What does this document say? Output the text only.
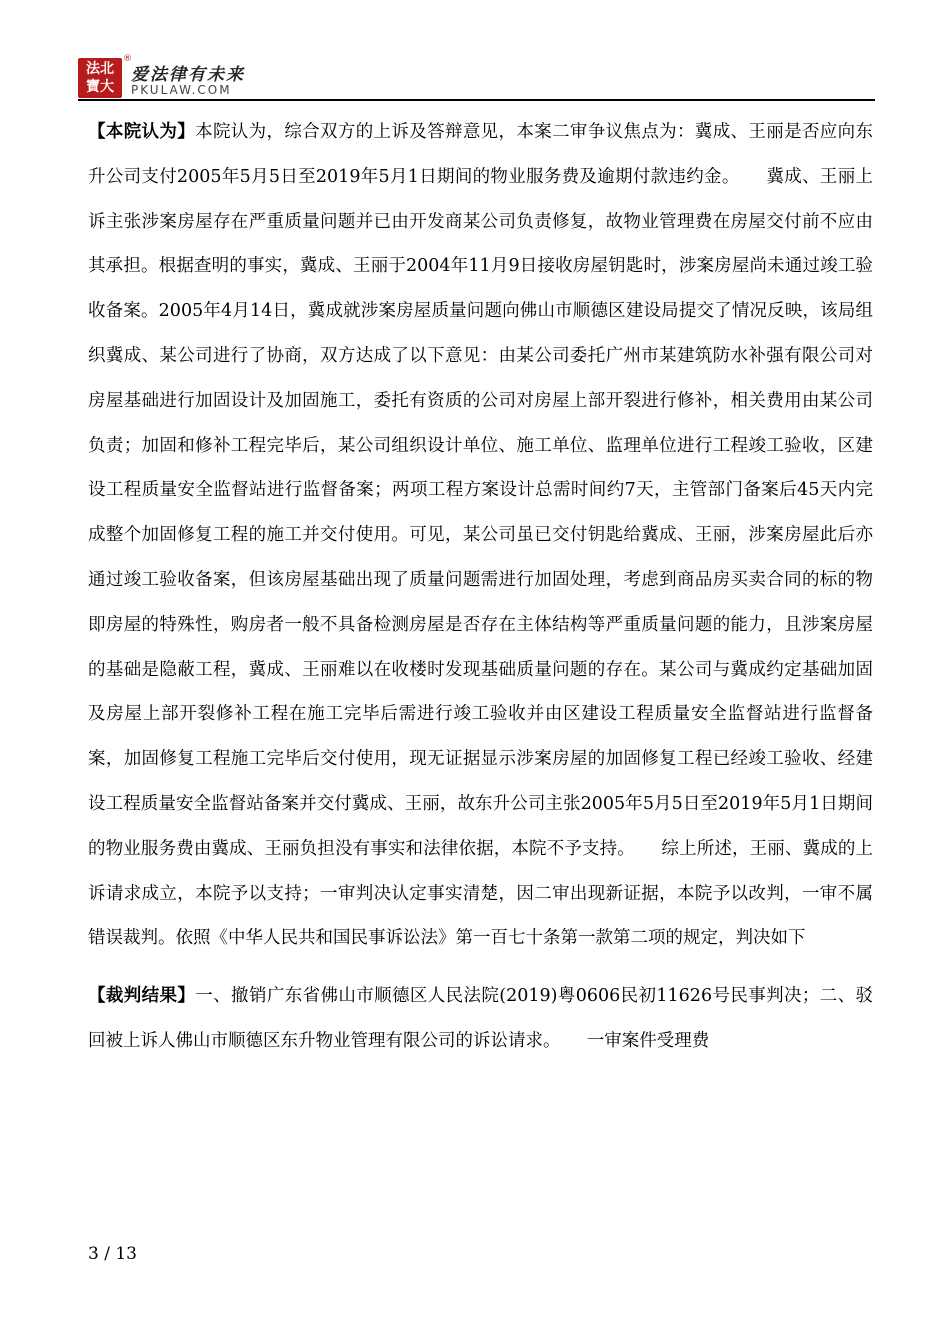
法北 寶大
®
爱法律有未来
PKULAW.COM

【本院认为】本院认为，综合双方的上诉及答辩意见，本案二审争议焦点为：冀成、王丽是否应向东升公司支付2005年5月5日至2019年5月1日期间的物业服务费及逾期付款违约金。　　冀成、王丽上诉主张涉案房屋存在严重质量问题并已由开发商某公司负责修复，故物业管理费在房屋交付前不应由其承担。根据查明的事实，冀成、王丽于2004年11月9日接收房屋钥匙时，涉案房屋尚未通过竣工验收备案。2005年4月14日，冀成就涉案房屋质量问题向佛山市顺德区建设局提交了情况反映，该局组织冀成、某公司进行了协商，双方达成了以下意见：由某公司委托广州市某建筑防水补强有限公司对房屋基础进行加固设计及加固施工，委托有资质的公司对房屋上部开裂进行修补，相关费用由某公司负责；加固和修补工程完毕后，某公司组织设计单位、施工单位、监理单位进行工程竣工验收，区建设工程质量安全监督站进行监督备案；两项工程方案设计总需时间约7天，主管部门备案后45天内完成整个加固修复工程的施工并交付使用。可见，某公司虽已交付钥匙给冀成、王丽，涉案房屋此后亦通过竣工验收备案，但该房屋基础出现了质量问题需进行加固处理，考虑到商品房买卖合同的标的物即房屋的特殊性，购房者一般不具备检测房屋是否存在主体结构等严重质量问题的能力，且涉案房屋的基础是隐蔽工程，冀成、王丽难以在收楼时发现基础质量问题的存在。某公司与冀成约定基础加固及房屋上部开裂修补工程在施工完毕后需进行竣工验收并由区建设工程质量安全监督站进行监督备案，加固修复工程施工完毕后交付使用，现无证据显示涉案房屋的加固修复工程已经竣工验收、经建设工程质量安全监督站备案并交付冀成、王丽，故东升公司主张2005年5月5日至2019年5月1日期间的物业服务费由冀成、王丽负担没有事实和法律依据，本院不予支持。　　综上所述，王丽、冀成的上诉请求成立，本院予以支持；一审判决认定事实清楚，因二审出现新证据，本院予以改判，一审不属错误裁判。依照《中华人民共和国民事诉讼法》第一百七十条第一款第二项的规定，判决如下

【裁判结果】一、撤销广东省佛山市顺德区人民法院(2019)粤0606民初11626号民事判决；二、驳回被上诉人佛山市顺德区东升物业管理有限公司的诉讼请求。　　一审案件受理费

3 / 13
